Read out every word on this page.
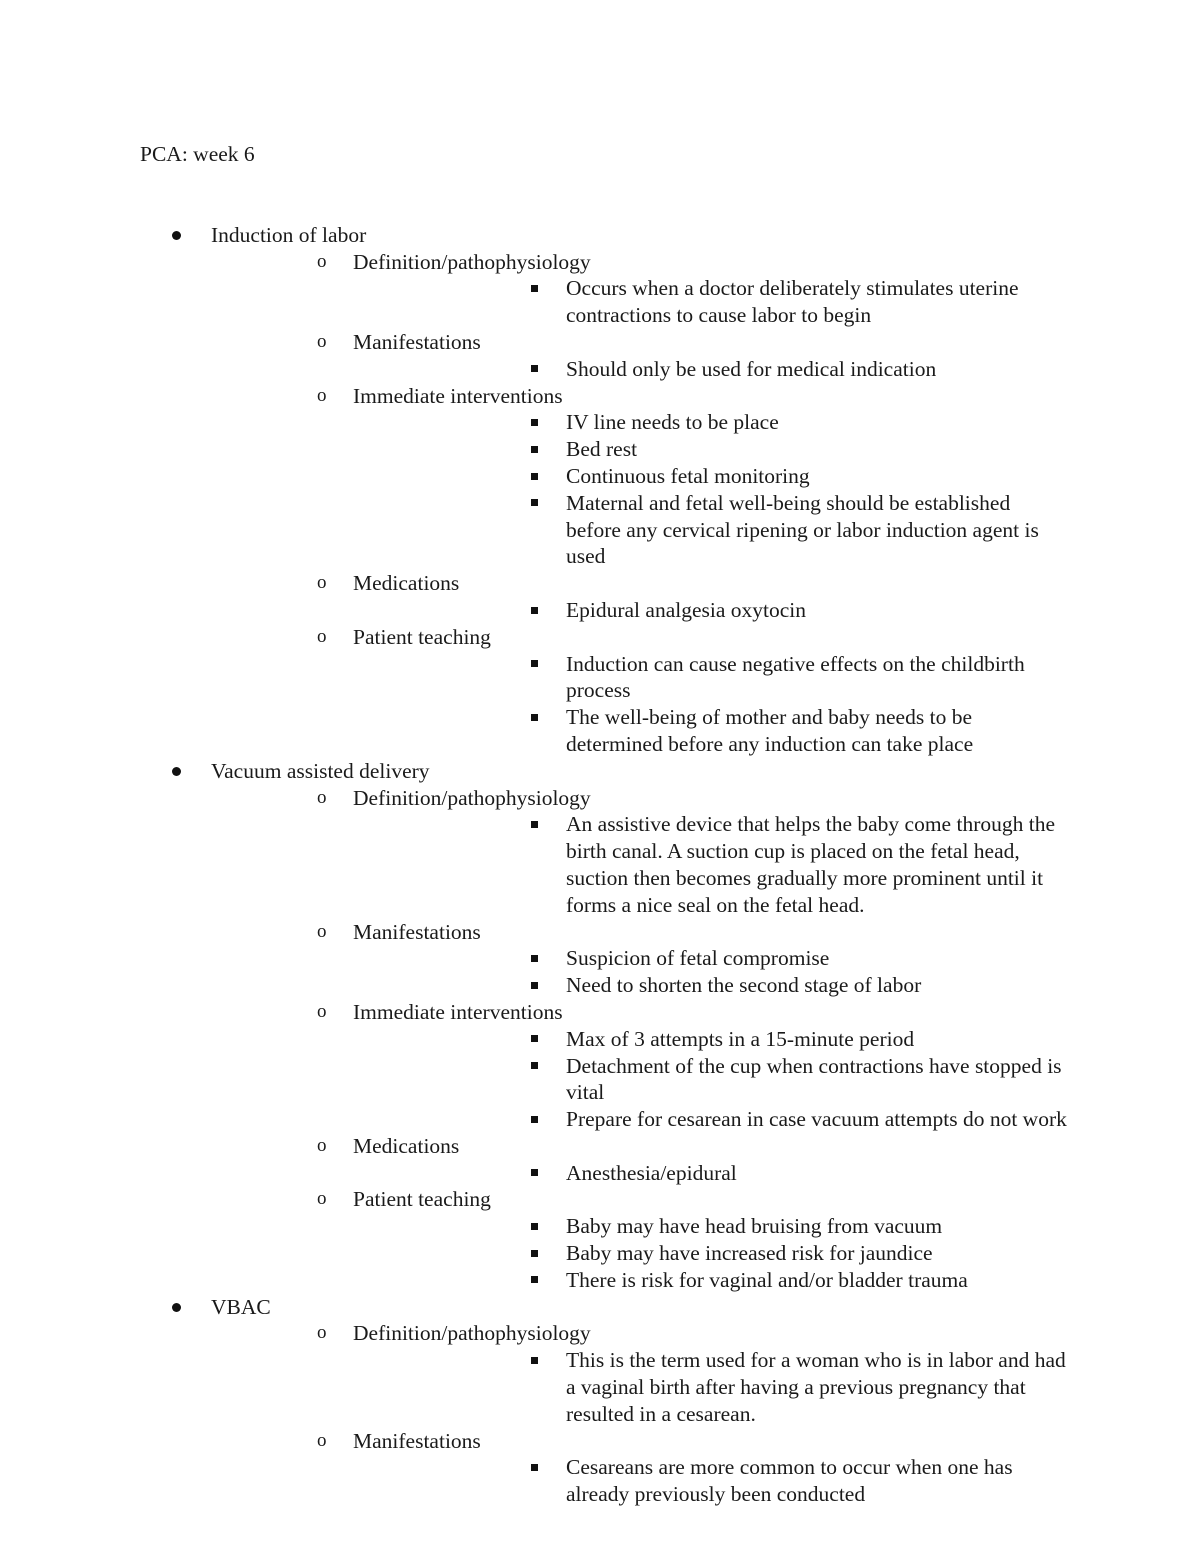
PCA: week 6
Induction of labor
o Definition/pathophysiology
Occurs when a doctor deliberately stimulates uterine contractions to cause labor to begin
o Manifestations
Should only be used for medical indication
o Immediate interventions
IV line needs to be place
Bed rest
Continuous fetal monitoring
Maternal and fetal well-being should be established before any cervical ripening or labor induction agent is used
o Medications
Epidural analgesia oxytocin
o Patient teaching
Induction can cause negative effects on the childbirth process
The well-being of mother and baby needs to be determined before any induction can take place
Vacuum assisted delivery
o Definition/pathophysiology
An assistive device that helps the baby come through the birth canal. A suction cup is placed on the fetal head, suction then becomes gradually more prominent until it forms a nice seal on the fetal head.
o Manifestations
Suspicion of fetal compromise
Need to shorten the second stage of labor
o Immediate interventions
Max of 3 attempts in a 15-minute period
Detachment of the cup when contractions have stopped is vital
Prepare for cesarean in case vacuum attempts do not work
o Medications
Anesthesia/epidural
o Patient teaching
Baby may have head bruising from vacuum
Baby may have increased risk for jaundice
There is risk for vaginal and/or bladder trauma
VBAC
o Definition/pathophysiology
This is the term used for a woman who is in labor and had a vaginal birth after having a previous pregnancy that resulted in a cesarean.
o Manifestations
Cesareans are more common to occur when one has already previously been conducted
